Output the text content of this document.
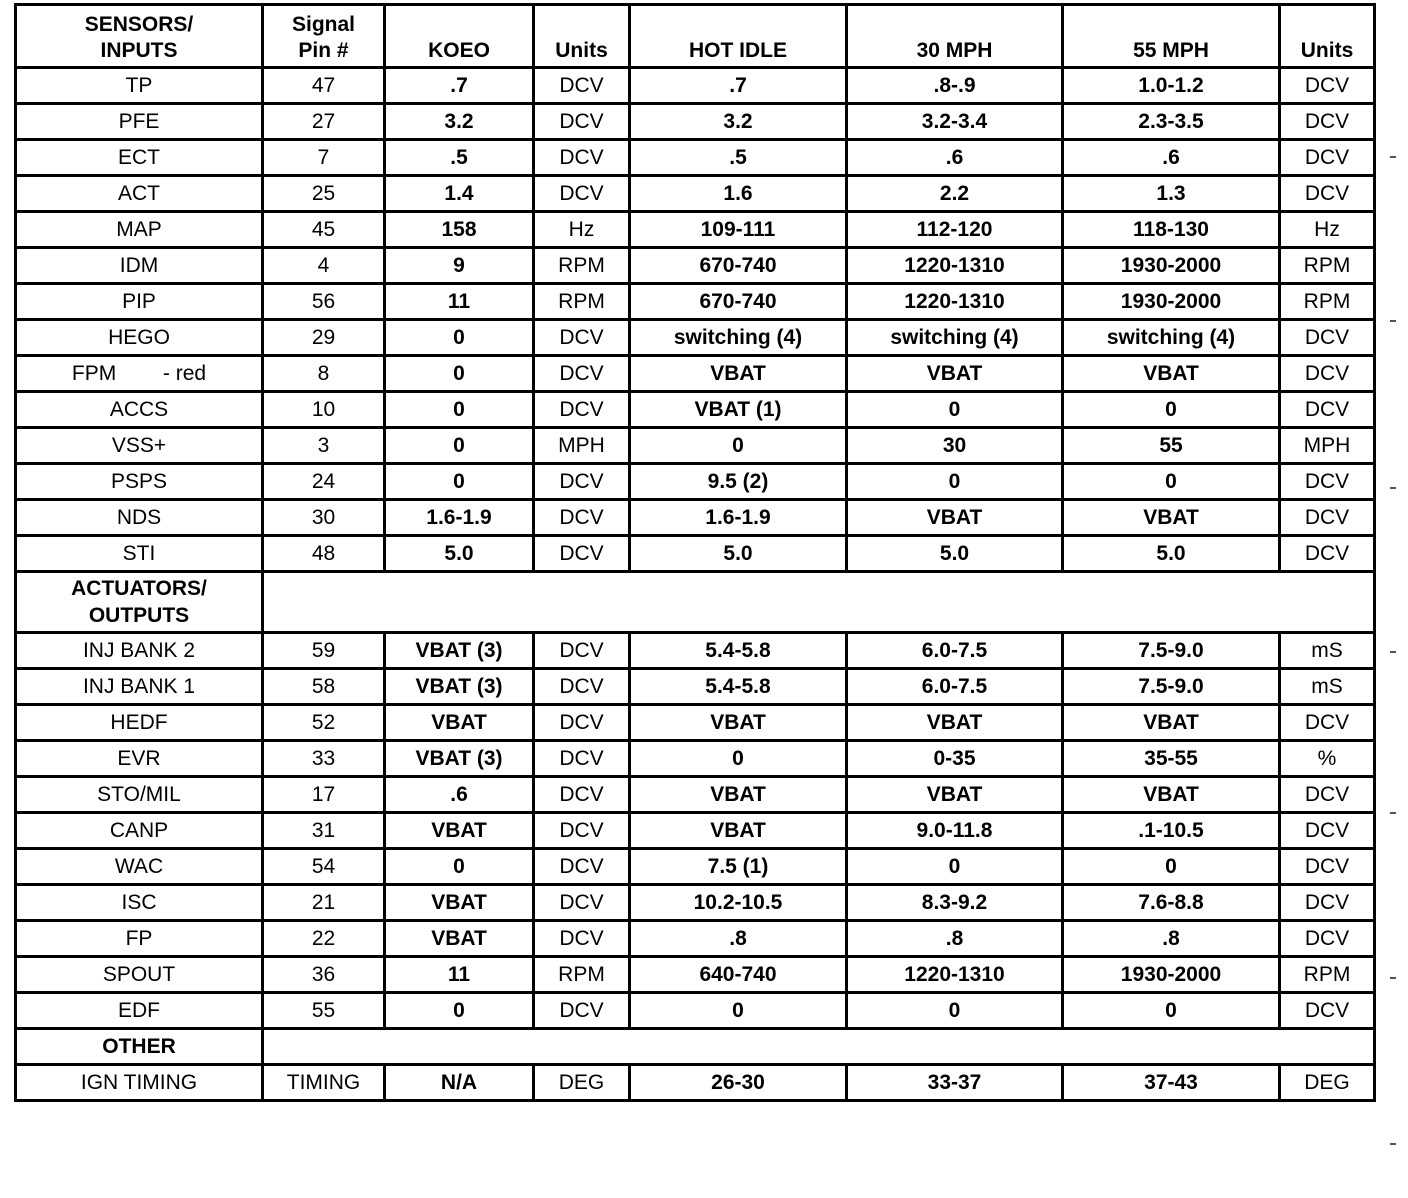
SENSORS/
INPUTS	Signal
Pin #	KOEO	Units	HOT IDLE	30 MPH	55 MPH	Units
TP	47	.7	DCV	.7	.8-.9	1.0-1.2	DCV
PFE	27	3.2	DCV	3.2	3.2-3.4	2.3-3.5	DCV
ECT	7	.5	DCV	.5	.6	.6	DCV
ACT	25	1.4	DCV	1.6	2.2	1.3	DCV
MAP	45	158	Hz	109-111	112-120	118-130	Hz
IDM	4	9	RPM	670-740	1220-1310	1930-2000	RPM
PIP	56	11	RPM	670-740	1220-1310	1930-2000	RPM
HEGO	29	0	DCV	switching (4)	switching (4)	switching (4)	DCV
FPM        - red	8	0	DCV	VBAT	VBAT	VBAT	DCV
ACCS	10	0	DCV	VBAT (1)	0	0	DCV
VSS+	3	0	MPH	0	30	55	MPH
PSPS	24	0	DCV	9.5 (2)	0	0	DCV
NDS	30	1.6-1.9	DCV	1.6-1.9	VBAT	VBAT	DCV
STI	48	5.0	DCV	5.0	5.0	5.0	DCV
ACTUATORS/
OUTPUTS							
INJ BANK 2	59	VBAT (3)	DCV	5.4-5.8	6.0-7.5	7.5-9.0	mS
INJ BANK 1	58	VBAT (3)	DCV	5.4-5.8	6.0-7.5	7.5-9.0	mS
HEDF	52	VBAT	DCV	VBAT	VBAT	VBAT	DCV
EVR	33	VBAT (3)	DCV	0	0-35	35-55	%
STO/MIL	17	.6	DCV	VBAT	VBAT	VBAT	DCV
CANP	31	VBAT	DCV	VBAT	9.0-11.8	.1-10.5	DCV
WAC	54	0	DCV	7.5 (1)	0	0	DCV
ISC	21	VBAT	DCV	10.2-10.5	8.3-9.2	7.6-8.8	DCV
FP	22	VBAT	DCV	.8	.8	.8	DCV
SPOUT	36	11	RPM	640-740	1220-1310	1930-2000	RPM
EDF	55	0	DCV	0	0	0	DCV
OTHER							
IGN TIMING	TIMING	N/A	DEG	26-30	33-37	37-43	DEG
